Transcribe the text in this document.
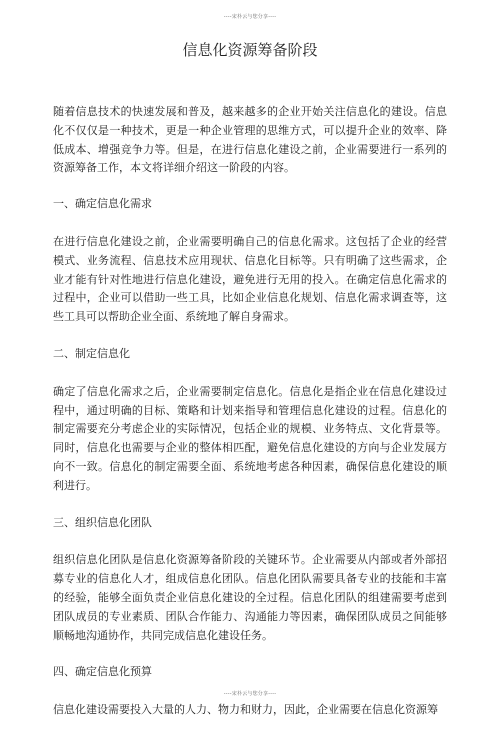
----宋朴云与您分享----
信息化资源筹备阶段

随着信息技术的快速发展和普及，越来越多的企业开始关注信息化的建设。信息化不仅仅是一种技术，更是一种企业管理的思维方式，可以提升企业的效率、降低成本、增强竞争力等。但是，在进行信息化建设之前，企业需要进行一系列的资源筹备工作，本文将详细介绍这一阶段的内容。

一、确定信息化需求

在进行信息化建设之前，企业需要明确自己的信息化需求。这包括了企业的经营模式、业务流程、信息技术应用现状、信息化目标等。只有明确了这些需求，企业才能有针对性地进行信息化建设，避免进行无用的投入。在确定信息化需求的过程中，企业可以借助一些工具，比如企业信息化规划、信息化需求调查等，这些工具可以帮助企业全面、系统地了解自身需求。

二、制定信息化

确定了信息化需求之后，企业需要制定信息化。信息化是指企业在信息化建设过程中，通过明确的目标、策略和计划来指导和管理信息化建设的过程。信息化的制定需要充分考虑企业的实际情况，包括企业的规模、业务特点、文化背景等。同时，信息化也需要与企业的整体相匹配，避免信息化建设的方向与企业发展方向不一致。信息化的制定需要全面、系统地考虑各种因素，确保信息化建设的顺利进行。

三、组织信息化团队

组织信息化团队是信息化资源筹备阶段的关键环节。企业需要从内部或者外部招募专业的信息化人才，组成信息化团队。信息化团队需要具备专业的技能和丰富的经验，能够全面负责企业信息化建设的全过程。信息化团队的组建需要考虑到团队成员的专业素质、团队合作能力、沟通能力等因素，确保团队成员之间能够顺畅地沟通协作，共同完成信息化建设任务。

四、确定信息化预算

信息化建设需要投入大量的人力、物力和财力，因此，企业需要在信息化资源筹

----宋朴云与您分享----
